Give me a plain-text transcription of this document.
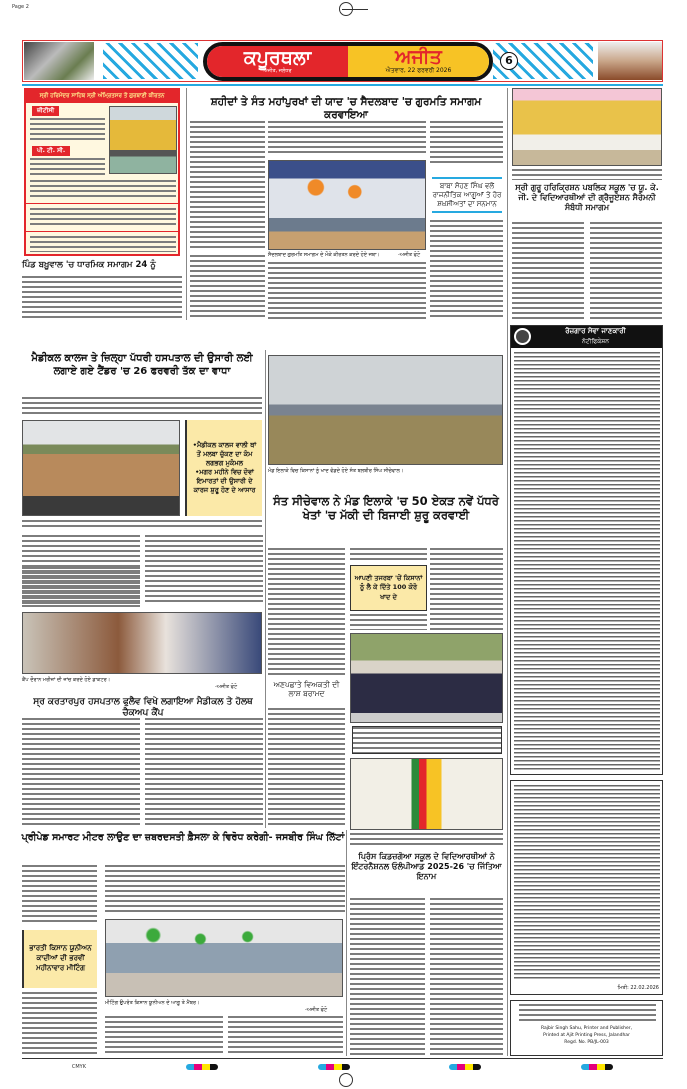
Page 2
ਕਪੂਰਥਲਾ
ਅਜੀਤ, ਜਲੰਧਰ
ਅਜੀਤ
ਐਤਵਾਰ, 22 ਫਰਵਰੀ 2026
6
ਸ੍ਰੀ ਹਰਿਮੰਦਰ ਸਾਹਿਬ ਸ੍ਰੀ ਅੰਮ੍ਰਿਤਸਰ ਤੋਂ ਗੁਰਬਾਣੀ ਕੀਰਤਨ
ਜ਼ੀਟੀਸੀ
ਪੀ. ਟੀ. ਸੀ.
ਸ਼ਹੀਦਾਂ ਤੇ ਸੰਤ ਮਹਾਂਪੁਰਖਾਂ ਦੀ ਯਾਦ 'ਚ ਸੈਦਲਬਾਦ 'ਚ ਗੁਰਮਤਿ ਸਮਾਗਮ ਕਰਵਾਇਆ
ਸੈਦਲਬਾਦ ਗੁਰਮਤਿ ਸਮਾਗਮ ਦੇ ਮੌਕੇ ਕੀਰਤਨ ਕਰਦੇ ਹੋਏ ਜਥਾ।	-ਅਜੀਤ ਫੋਟੋ
ਬਾਬਾ ਸੋਹਣ ਸਿੰਘ ਵਲੋਂ ਰਾਜਨੀਤਿਕ ਆਗੂਆਂ ਤੇ ਹੋਰ ਸ਼ਖ਼ਸੀਅਤਾਂ ਦਾ ਸਨਮਾਨ
ਸ੍ਰੀ ਗੁਰੂ ਹਰਿਕ੍ਰਿਸ਼ਨ ਪਬਲਿਕ ਸਕੂਲ 'ਚ ਯੂ. ਕੇ. ਜੀ. ਦੇ ਵਿਦਿਆਰਥੀਆਂ ਦੀ ਗ੍ਰੈਜੂਏਸ਼ਨ ਸੈਰੇਮਨੀ ਸੰਬੰਧੀ ਸਮਾਗਮ
ਪਿੰਡ ਬਖ਼ੂਵਾਲ 'ਚ ਧਾਰਮਿਕ ਸਮਾਗਮ 24 ਨੂੰ
ਮੈਡੀਕਲ ਕਾਲਜ ਤੇ ਜ਼ਿਲ੍ਹਾ ਪੱਧਰੀ ਹਸਪਤਾਲ ਦੀ ਉਸਾਰੀ ਲਈ ਲਗਾਏ ਗਏ ਟੈਂਡਰ 'ਚ 26 ਫਰਵਰੀ ਤੱਕ ਦਾ ਵਾਧਾ
•ਮੈਡੀਕਲ ਕਾਲਜ ਵਾਲੀ ਥਾਂ ਤੋਂ ਮਲਬਾ ਚੁੱਕਣ ਦਾ ਕੰਮ ਲਗਭਗ ਮੁਕੰਮਲ
•ਮਗਰ ਮਹੀਨੇ ਵਿਚ ਦੋਵਾਂ ਇਮਾਰਤਾਂ ਦੀ ਉਸਾਰੀ ਦੇ ਕਾਰਜ ਸ਼ੁਰੂ ਹੋਣ ਦੇ ਆਸਾਰ
ਮੰਡ ਇਲਾਕੇ ਵਿਚ ਕਿਸਾਨਾਂ ਨੂੰ ਖਾਦ ਵੰਡਦੇ ਹੋਏ ਸੰਤ ਬਲਬੀਰ ਸਿੰਘ ਸੀਚੇਵਾਲ।
ਸੰਤ ਸੀਚੇਵਾਲ ਨੇ ਮੰਡ ਇਲਾਕੇ 'ਚ 50 ਏਕੜ ਨਵੇਂ ਪੱਧਰੇ ਖੇਤਾਂ 'ਚ ਮੱਕੀ ਦੀ ਬਿਜਾਈ ਸ਼ੁਰੂ ਕਰਵਾਈ
ਆਪਣੀ ਤਜਰਬਾ 'ਚੋਂ ਕਿਸਾਨਾਂ ਨੂੰ ਲੈ ਕੇ ਦਿੱਤੇ 100 ਕੋਰੋ ਖਾਦ ਦੇ
ਅਣਪਛਾਤੇ ਵਿਅਕਤੀ ਦੀ ਲਾਸ਼ ਬਰਾਮਦ
ਕੈਂਪ ਦੌਰਾਨ ਮਰੀਜ਼ਾਂ ਦੀ ਜਾਂਚ ਕਰਦੇ ਹੋਏ ਡਾਕਟਰ।
-ਅਜੀਤ ਫੋਟੋ
ਸ੍ਰ ਕਰਤਾਰਪੁਰ ਹਸਪਤਾਲ ਫੁਲੈਵ ਵਿਖੇ ਲਗਾਇਆ ਮੈਡੀਕਲ ਤੇ ਹੋਲਥ ਚੈਕਅਪ ਕੈਂਪ
ਪ੍ਰੀਪੇਡ ਸਮਾਰਟ ਮੀਟਰ ਲਾਉਣ ਦਾ ਜ਼ਬਰਦਸਤੀ ਫ਼ੈਸਲਾ ਕੇ ਵਿਰੋਧ ਕਰੇਗੀ- ਜਸਬੀਰ ਸਿੰਘ ਲਿੱਟਾਂ
ਭਾਰਤੀ ਕਿਸਾਨ ਯੂਨੀਅਨ ਕਾਦੀਆਂ ਦੀ ਭਰਵੀਂ ਮਹੀਨਾਵਾਰ ਮੀਟਿੰਗ
ਮੀਟਿੰਗ ਉਪਰੰਤ ਕਿਸਾਨ ਯੂਨੀਅਨ ਦੇ ਆਗੂ ਤੇ ਮੈਂਬਰ।
-ਅਜੀਤ ਫੋਟੋ
ਪ੍ਰਿੰਸ ਕਿਡਜ਼ਗੋਆ ਸਕੂਲ ਦੇ ਵਿਦਿਆਰਥੀਆਂ ਨੇ ਇੰਟਰਨੈਸ਼ਨਲ ਓਲੰਪੀਆਡ 2025-26 'ਚ ਜਿੱਤਿਆ ਇਨਾਮ
ਰੋਜ਼ਗਾਰ ਸੇਵਾ ਜਾਣਕਾਰੀ
ਨੋਟੀਫਿਕੇਸ਼ਨ
ਮਿਤੀ: 22.02.2026
Rajbir Singh Sahu, Printer and Publisher,
Printed at Ajit Printing Press, Jalandhar
Regd. No. PB/JL-003
CMYK
